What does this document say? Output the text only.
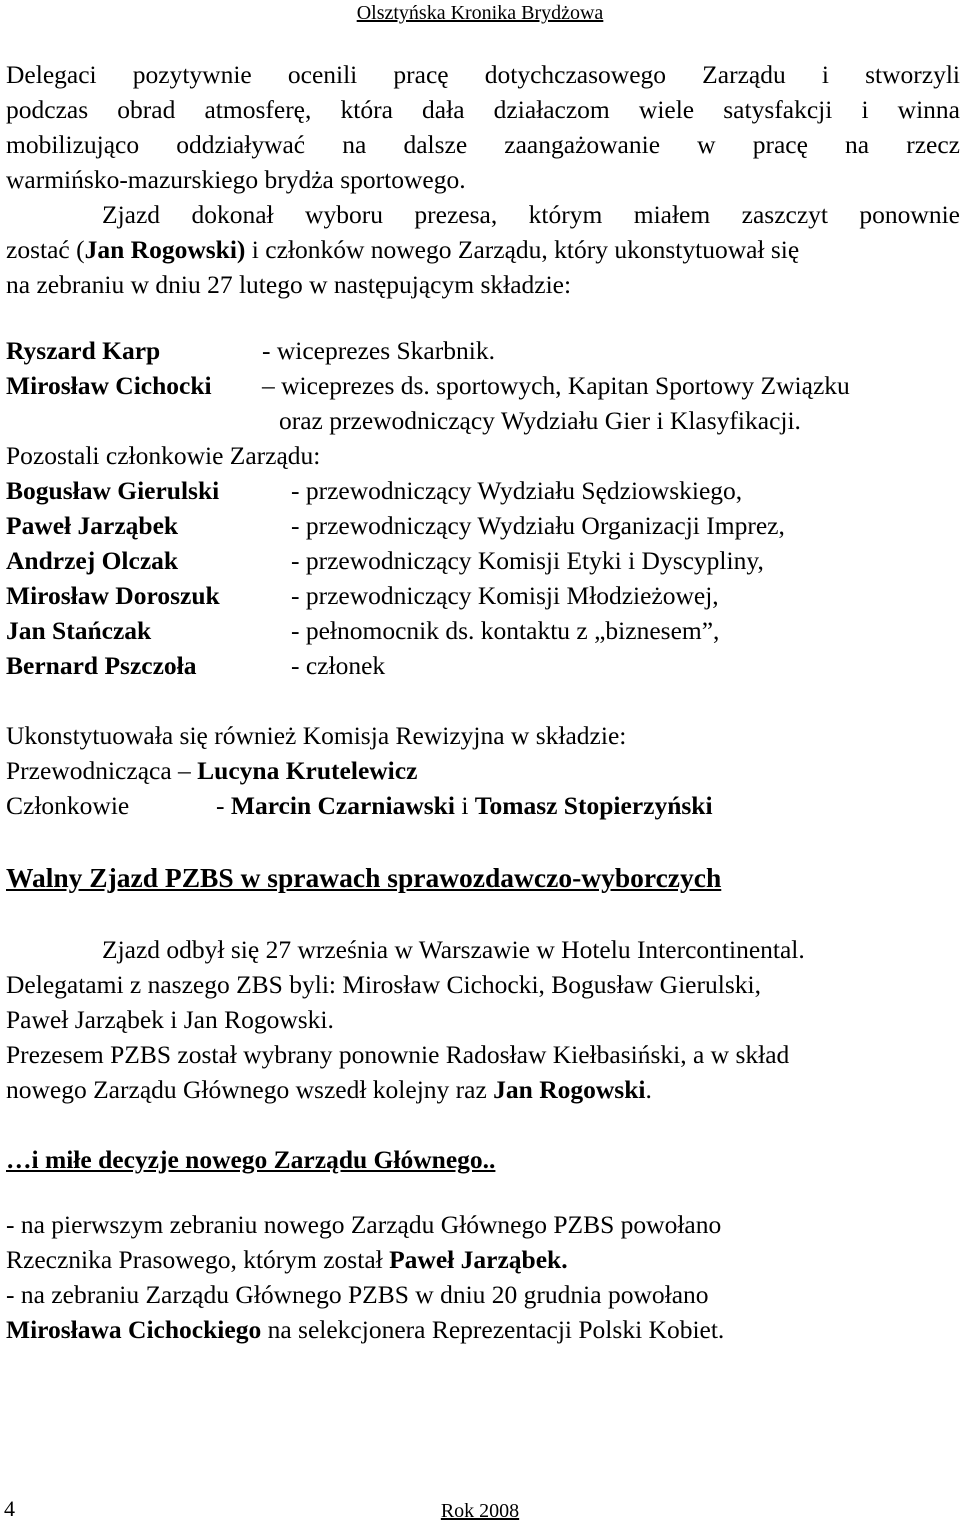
Olsztyńska Kronika Brydżowa
Delegaci pozytywnie ocenili pracę dotychczasowego Zarządu i stworzyli
podczas obrad atmosferę, która dała działaczom wiele satysfakcji i winna
mobilizująco oddziaływać na dalsze zaangażowanie w pracę na rzecz
warmińsko-mazurskiego brydża sportowego.
Zjazd dokonał wyboru prezesa, którym miałem zaszczyt ponownie
zostać (Jan Rogowski) i członków nowego Zarządu, który ukonstytuował się
na zebraniu w dniu 27 lutego w następującym składzie:
Ryszard Karp	- wiceprezes Skarbnik.
Mirosław Cichocki – wiceprezes ds. sportowych, Kapitan Sportowy Związku
oraz przewodniczący Wydziału Gier i Klasyfikacji.
Pozostali członkowie Zarządu:
Bogusław Gierulski	- przewodniczący Wydziału Sędziowskiego,
Paweł Jarząbek	- przewodniczący Wydziału Organizacji Imprez,
Andrzej Olczak	- przewodniczący Komisji Etyki i Dyscypliny,
Mirosław Doroszuk	- przewodniczący Komisji Młodzieżowej,
Jan Stańczak	- pełnomocnik ds. kontaktu z „biznesem”,
Bernard Pszczoła	- członek
Ukonstytuowała się również Komisja Rewizyjna w składzie:
Przewodnicząca – Lucyna Krutelewicz
Członkowie	- Marcin Czarniawski i Tomasz Stopierzyński
Walny Zjazd PZBS w sprawach sprawozdawczo-wyborczych
Zjazd odbył się 27 września w Warszawie w Hotelu Intercontinental.
Delegatami z naszego ZBS byli: Mirosław Cichocki, Bogusław Gierulski,
Paweł Jarząbek i Jan Rogowski.
Prezesem PZBS został wybrany ponownie Radosław Kiełbasiński, a w skład
nowego Zarządu Głównego wszedł kolejny raz Jan Rogowski.
…i miłe decyzje nowego Zarządu Głównego..
- na pierwszym zebraniu nowego Zarządu Głównego PZBS powołano
Rzecznika Prasowego, którym został Paweł Jarząbek.
- na zebraniu Zarządu Głównego PZBS w dniu 20 grudnia powołano
Mirosława Cichockiego na selekcjonera Reprezentacji Polski Kobiet.
4	Rok 2008
